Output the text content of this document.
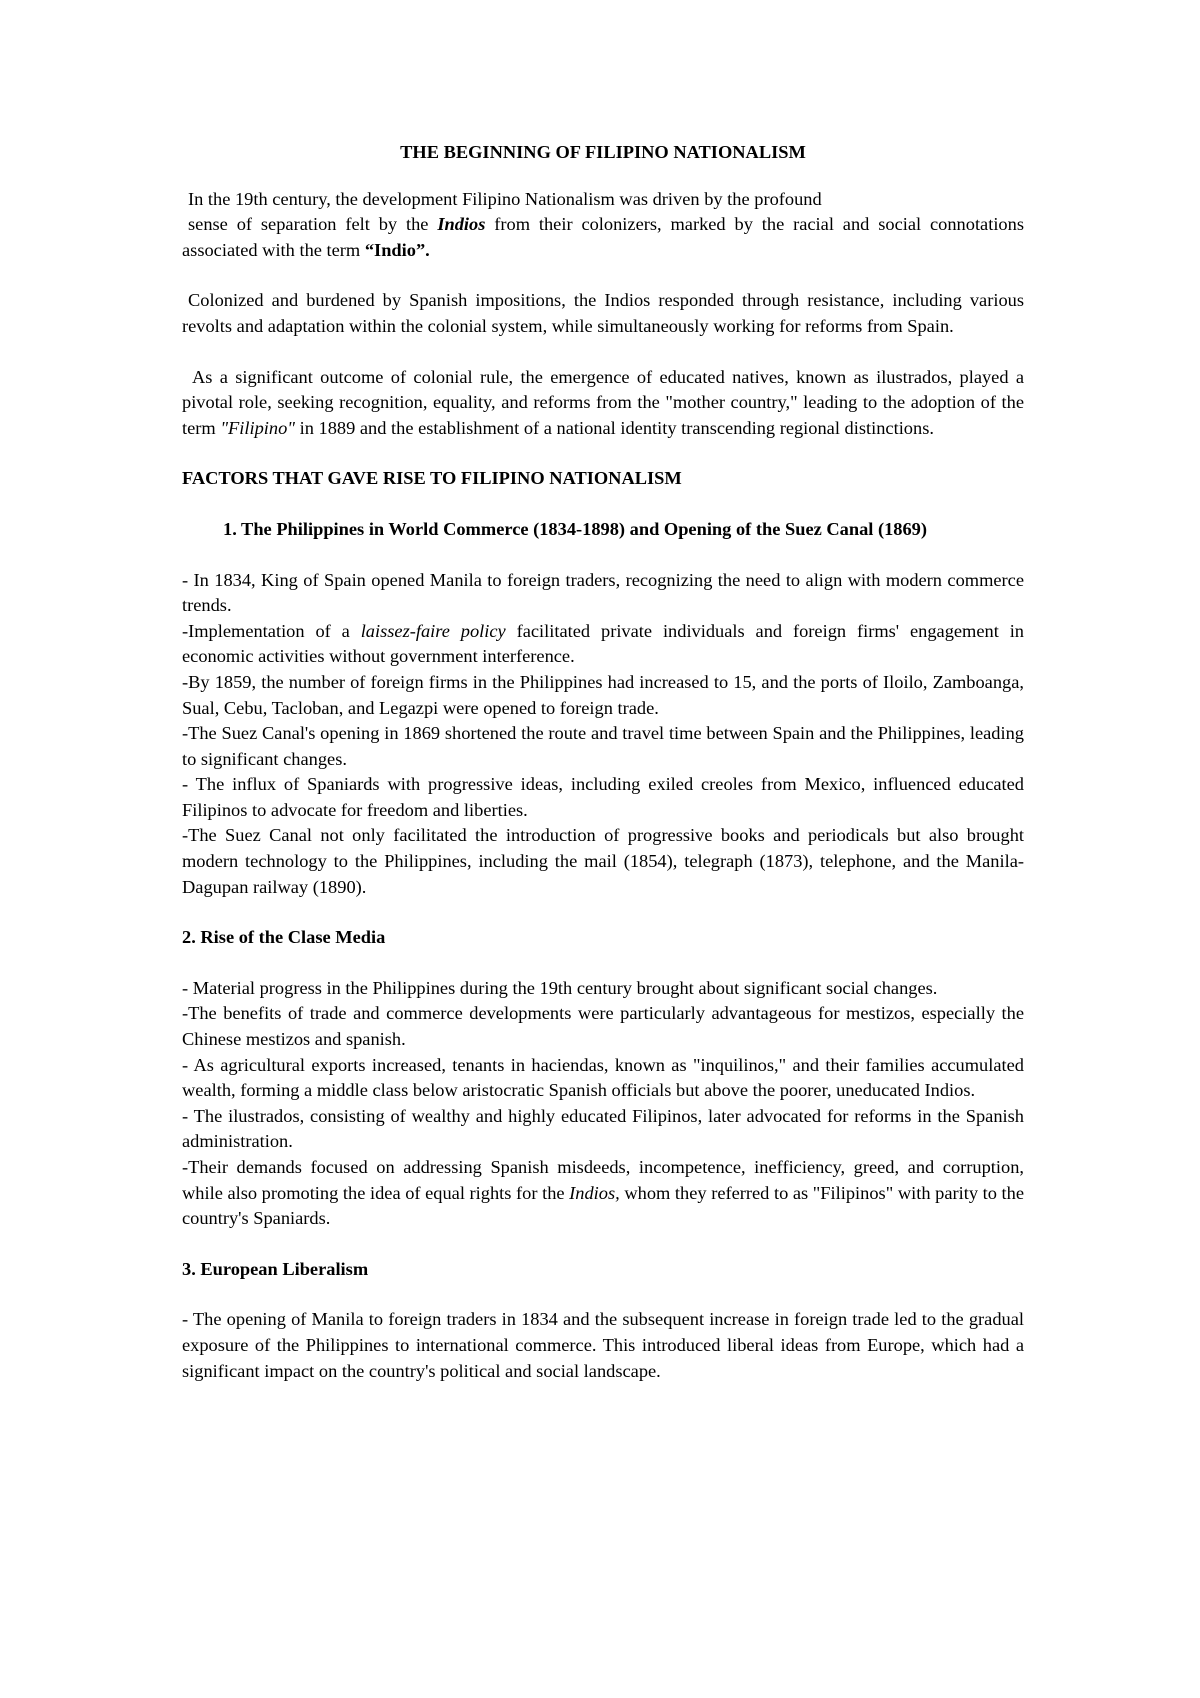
THE BEGINNING OF FILIPINO NATIONALISM

In the 19th century, the development Filipino Nationalism was driven by the profound
sense of separation felt by the Indios from their colonizers, marked by the racial and social connotations associated with the term “Indio”.

Colonized and burdened by Spanish impositions, the Indios responded through resistance, including various revolts and adaptation within the colonial system, while simultaneously working for reforms from Spain.

As a significant outcome of colonial rule, the emergence of educated natives, known as ilustrados, played a pivotal role, seeking recognition, equality, and reforms from the "mother country," leading to the adoption of the term "Filipino" in 1889 and the establishment of a national identity transcending regional distinctions.

FACTORS THAT GAVE RISE TO FILIPINO NATIONALISM
1. The Philippines in World Commerce (1834-1898) and Opening of the Suez Canal (1869)

- In 1834, King of Spain opened Manila to foreign traders, recognizing the need to align with modern commerce trends.

-Implementation of a laissez-faire policy facilitated private individuals and foreign firms' engagement in economic activities without government interference.

-By 1859, the number of foreign firms in the Philippines had increased to 15, and the ports of Iloilo, Zamboanga, Sual, Cebu, Tacloban, and Legazpi were opened to foreign trade.

-The Suez Canal's opening in 1869 shortened the route and travel time between Spain and the Philippines, leading to significant changes.

- The influx of Spaniards with progressive ideas, including exiled creoles from Mexico, influenced educated Filipinos to advocate for freedom and liberties.

-The Suez Canal not only facilitated the introduction of progressive books and periodicals but also brought modern technology to the Philippines, including the mail (1854), telegraph (1873), telephone, and the Manila-Dagupan railway (1890).

2. Rise of the Clase Media

- Material progress in the Philippines during the 19th century brought about significant social changes.

-The benefits of trade and commerce developments were particularly advantageous for mestizos, especially the Chinese mestizos and spanish.

- As agricultural exports increased, tenants in haciendas, known as "inquilinos," and their families accumulated wealth, forming a middle class below aristocratic Spanish officials but above the poorer, uneducated Indios.

- The ilustrados, consisting of wealthy and highly educated Filipinos, later advocated for reforms in the Spanish administration.

-Their demands focused on addressing Spanish misdeeds, incompetence, inefficiency, greed, and corruption, while also promoting the idea of equal rights for the Indios, whom they referred to as "Filipinos" with parity to the country's Spaniards.

3. European Liberalism

- The opening of Manila to foreign traders in 1834 and the subsequent increase in foreign trade led to the gradual exposure of the Philippines to international commerce. This introduced liberal ideas from Europe, which had a significant impact on the country's political and social landscape.
